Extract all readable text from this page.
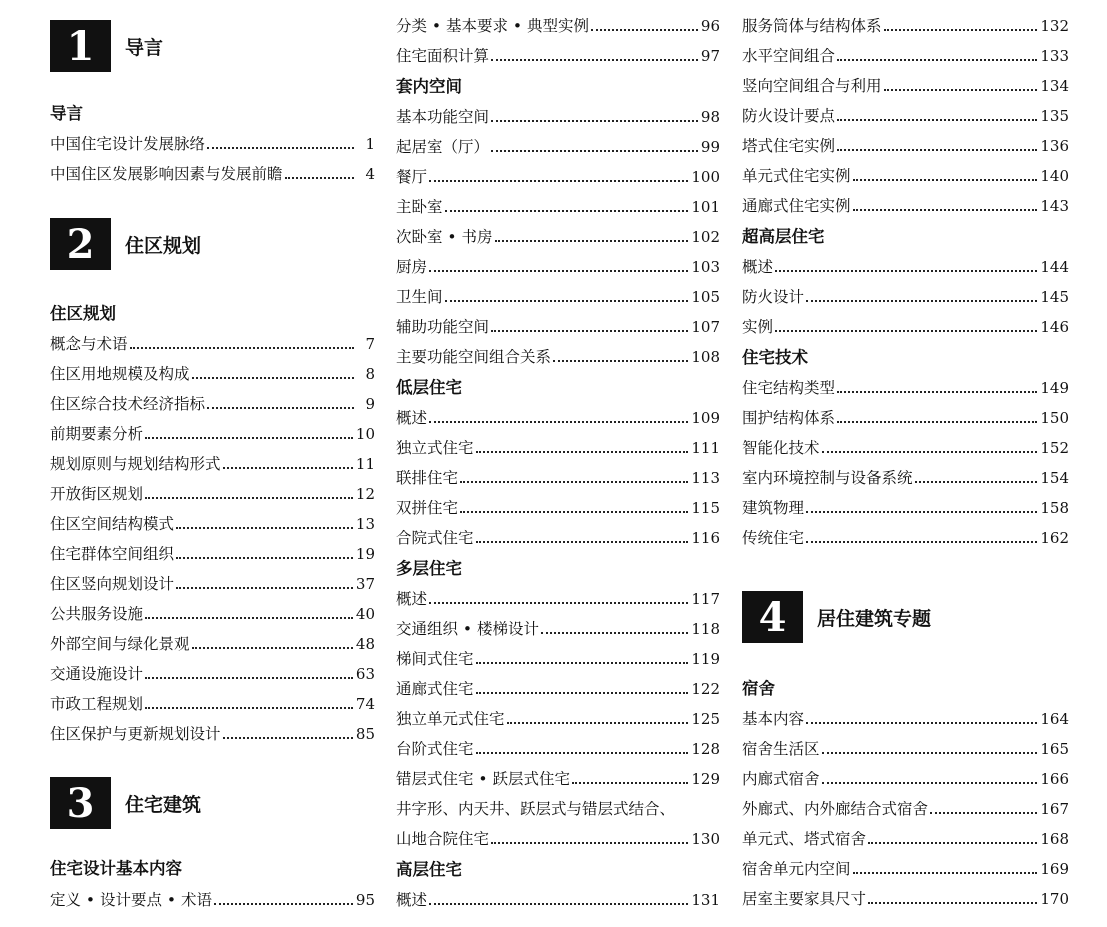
1	导言
导言
中国住宅设计发展脉络	1
中国住区发展影响因素与发展前瞻	4
2	住区规划
住区规划
概念与术语	7
住区用地规模及构成	8
住区综合技术经济指标	9
前期要素分析	10
规划原则与规划结构形式	11
开放街区规划	12
住区空间结构模式	13
住宅群体空间组织	19
住区竖向规划设计	37
公共服务设施	40
外部空间与绿化景观	48
交通设施设计	63
市政工程规划	74
住区保护与更新规划设计	85
3	住宅建筑
住宅设计基本内容
定义 • 设计要点 • 术语	95
分类 • 基本要求 • 典型实例	96
住宅面积计算	97
套内空间
基本功能空间	98
起居室（厅）	99
餐厅	100
主卧室	101
次卧室 • 书房	102
厨房	103
卫生间	105
辅助功能空间	107
主要功能空间组合关系	108
低层住宅
概述	109
独立式住宅	111
联排住宅	113
双拼住宅	115
合院式住宅	116
多层住宅
概述	117
交通组织 • 楼梯设计	118
梯间式住宅	119
通廊式住宅	122
独立单元式住宅	125
台阶式住宅	128
错层式住宅 • 跃层式住宅	129
井字形、内天井、跃层式与错层式结合、
山地合院住宅	130
高层住宅
概述	131
服务筒体与结构体系	132
水平空间组合	133
竖向空间组合与利用	134
防火设计要点	135
塔式住宅实例	136
单元式住宅实例	140
通廊式住宅实例	143
超高层住宅
概述	144
防火设计	145
实例	146
住宅技术
住宅结构类型	149
围护结构体系	150
智能化技术	152
室内环境控制与设备系统	154
建筑物理	158
传统住宅	162
4	居住建筑专题
宿舍
基本内容	164
宿舍生活区	165
内廊式宿舍	166
外廊式、内外廊结合式宿舍	167
单元式、塔式宿舍	168
宿舍单元内空间	169
居室主要家具尺寸	170
